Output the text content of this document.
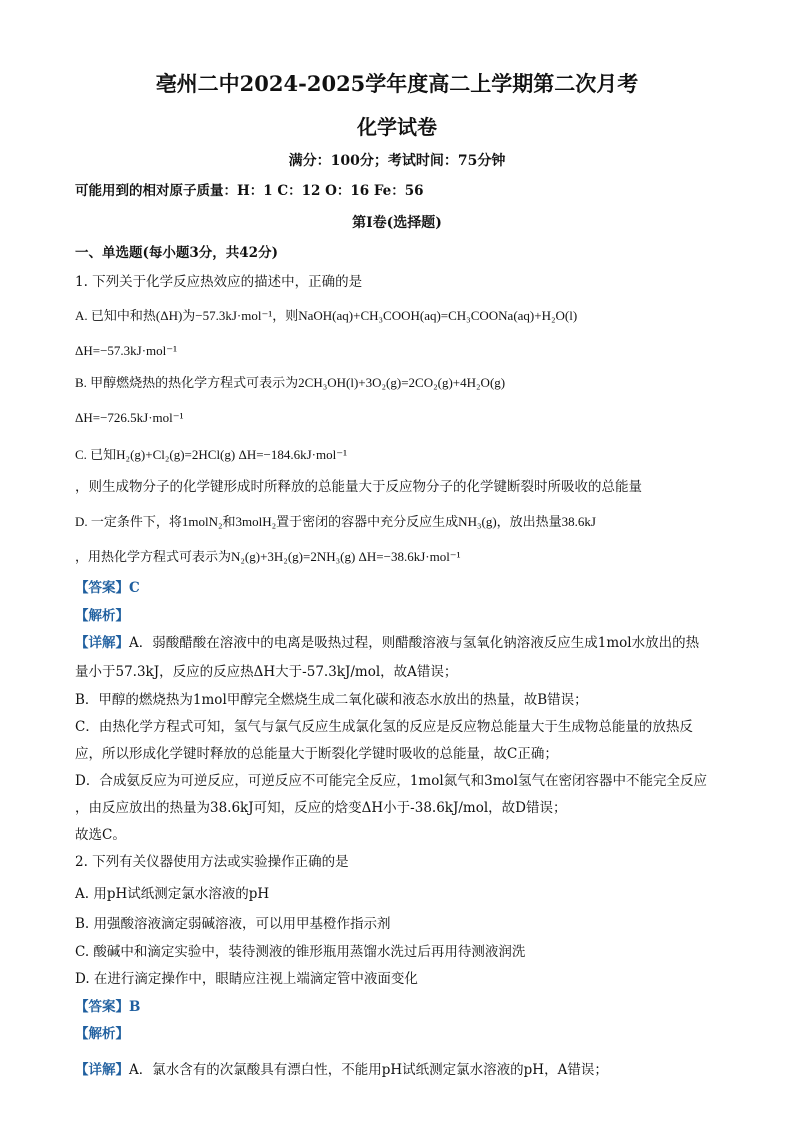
亳州二中2024-2025学年度高二上学期第二次月考
化学试卷
满分：100分；考试时间：75分钟
可能用到的相对原子质量：H：1 C：12 O：16 Fe：56
第Ⅰ卷(选择题)
一、单选题(每小题3分，共42分)
1. 下列关于化学反应热效应的描述中，正确的是
A. 已知中和热(ΔH)为−57.3kJ·mol⁻¹，则NaOH(aq)+CH₃COOH(aq)=CH₃COONa(aq)+H₂O(l)
ΔH=−57.3kJ·mol⁻¹
B. 甲醇燃烧热的热化学方程式可表示为2CH₃OH(l)+3O₂(g)=2CO₂(g)+4H₂O(g)
ΔH=−726.5kJ·mol⁻¹
C. 已知H₂(g)+Cl₂(g)=2HCl(g) ΔH=−184.6kJ·mol⁻¹
，则生成物分子的化学键形成时所释放的总能量大于反应物分子的化学键断裂时所吸收的总能量
D. 一定条件下，将1molN₂和3molH₂置于密闭的容器中充分反应生成NH₃(g)，放出热量38.6kJ
，用热化学方程式可表示为N₂(g)+3H₂(g)=2NH₃(g) ΔH=−38.6kJ·mol⁻¹
【答案】C
【解析】
【详解】A．弱酸醋酸在溶液中的电离是吸热过程，则醋酸溶液与氢氧化钠溶液反应生成1mol水放出的热
量小于57.3kJ，反应的反应热ΔH大于-57.3kJ/mol，故A错误；
B．甲醇的燃烧热为1mol甲醇完全燃烧生成二氧化碳和液态水放出的热量，故B错误；
C．由热化学方程式可知，氢气与氯气反应生成氯化氢的反应是反应物总能量大于生成物总能量的放热反
应，所以形成化学键时释放的总能量大于断裂化学键时吸收的总能量，故C正确；
D．合成氨反应为可逆反应，可逆反应不可能完全反应，1mol氮气和3mol氢气在密闭容器中不能完全反应
，由反应放出的热量为38.6kJ可知，反应的焓变ΔH小于-38.6kJ/mol，故D错误；
故选C。
2. 下列有关仪器使用方法或实验操作正确的是
A. 用pH试纸测定氯水溶液的pH
B. 用强酸溶液滴定弱碱溶液，可以用甲基橙作指示剂
C. 酸碱中和滴定实验中，装待测液的锥形瓶用蒸馏水洗过后再用待测液润洗
D. 在进行滴定操作中，眼睛应注视上端滴定管中液面变化
【答案】B
【解析】
【详解】A．氯水含有的次氯酸具有漂白性，不能用pH试纸测定氯水溶液的pH，A错误；
